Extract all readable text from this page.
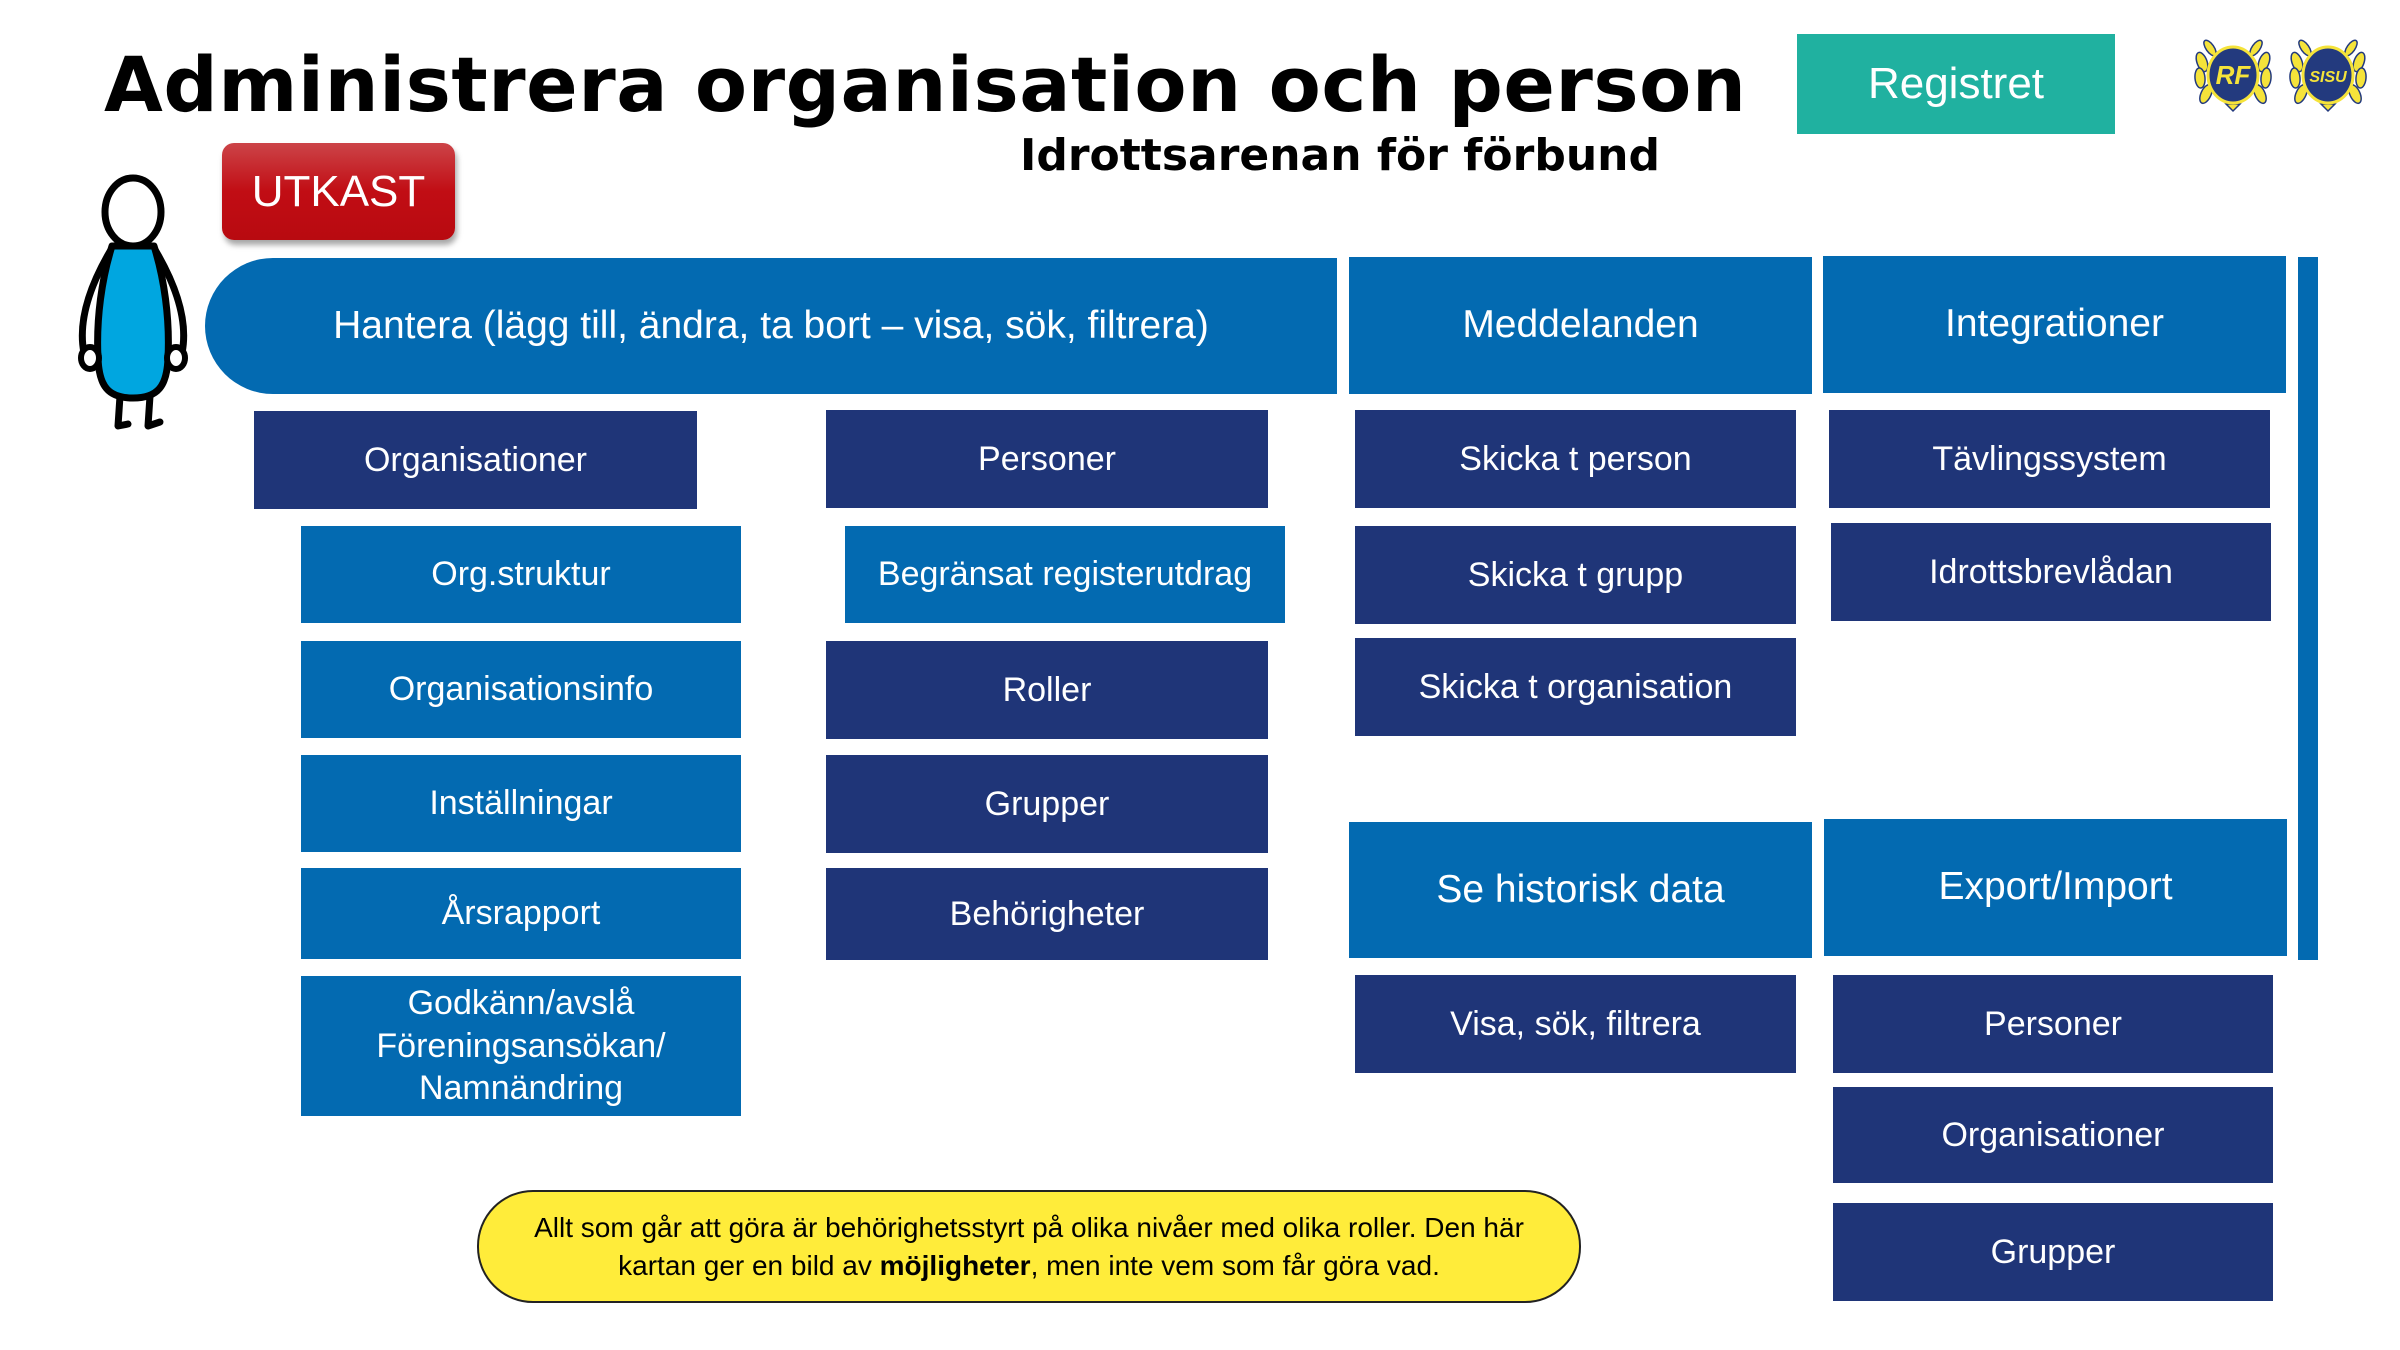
Administrera organisation och person
Idrottsarenan för förbund
Registret	RF	SISU
UTKAST
Hantera (lägg till, ändra, ta bort – visa, sök, filtrera)	Meddelanden	Integrationer
Organisationer
Org.struktur
Organisationsinfo
Inställningar
Årsrapport
Godkänn/avslå Föreningsansökan/ Namnändring
Personer
Begränsat registerutdrag
Roller
Grupper
Behörigheter
Skicka t person
Skicka t grupp
Skicka t organisation
Tävlingssystem
Idrottsbrevlådan
Se historisk data
Visa, sök, filtrera
Export/Import
Personer
Organisationer
Grupper
Allt som går att göra är behörighetsstyrt på olika nivåer med olika roller. Den här kartan ger en bild av möjligheter, men inte vem som får göra vad.
